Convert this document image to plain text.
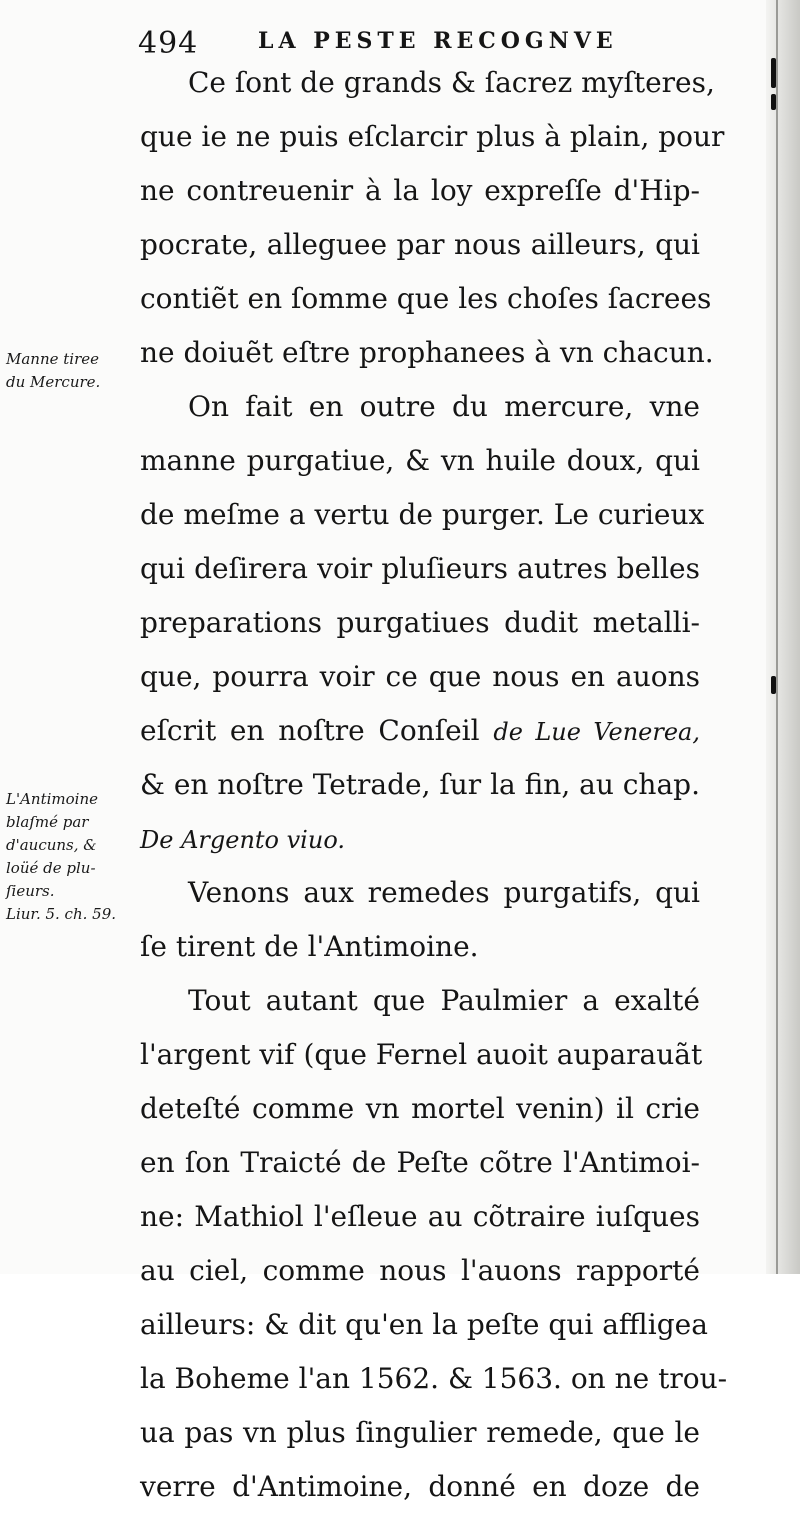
494	LA PESTE RECOGNVE
Ce ſont de grands & ſacrez myſteres,
que ie ne puis eſclarcir plus à plain, pour
ne contreuenir à la loy expreſſe d'Hip-
pocrate, alleguee par nous ailleurs, qui
contiẽt en ſomme que les choſes ſacrees
ne doiuẽt eſtre prophanees à vn chacun.
On fait en outre du mercure, vne
manne purgatiue, & vn huile doux, qui
de meſme a vertu de purger. Le curieux
qui deſirera voir pluſieurs autres belles
preparations purgatiues dudit metalli-
que, pourra voir ce que nous en auons
eſcrit en noſtre Conſeil de Lue Venerea,
& en noſtre Tetrade, ſur la fin, au chap.
De Argento viuo.
Venons aux remedes purgatifs, qui
ſe tirent de l'Antimoine.
Tout autant que Paulmier a exalté
l'argent vif (que Fernel auoit auparauãt
deteſté comme vn mortel venin) il crie
en ſon Traicté de Peſte cõtre l'Antimoi-
ne: Mathiol l'eſleue au cõtraire iuſques
au ciel, comme nous l'auons rapporté
ailleurs: & dit qu'en la peſte qui affligea
la Boheme l'an 1562. & 1563. on ne trou-
ua pas vn plus ſingulier remede, que le
verre d'Antimoine, donné en doze de
Manne tiree
du Mercure.
L'Antimoine
blaſmé par
d'aucuns, &
loüé de plu-
ſieurs.
Liur. 5. ch. 59.
